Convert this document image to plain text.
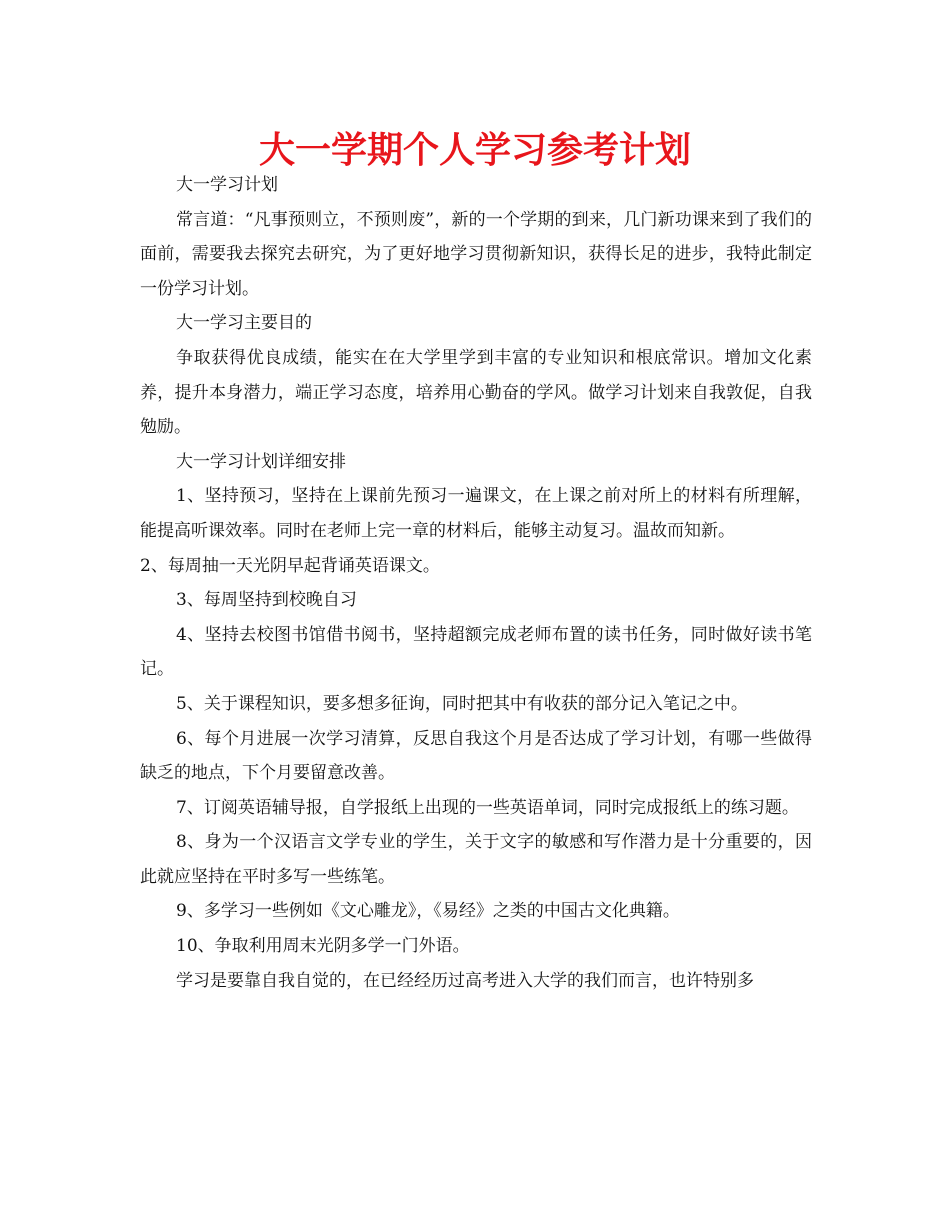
大一学期个人学习参考计划

大一学习计划

常言道：“凡事预则立，不预则废”，新的一个学期的到来，几门新功课来到了我们的面前，需要我去探究去研究，为了更好地学习贯彻新知识，获得长足的进步，我特此制定一份学习计划。

大一学习主要目的

争取获得优良成绩，能实在在大学里学到丰富的专业知识和根底常识。增加文化素养，提升本身潜力，端正学习态度，培养用心勤奋的学风。做学习计划来自我敦促，自我勉励。

大一学习计划详细安排

1、坚持预习，坚持在上课前先预习一遍课文，在上课之前对所上的材料有所理解，能提高听课效率。同时在老师上完一章的材料后，能够主动复习。温故而知新。

2、每周抽一天光阴早起背诵英语课文。

3、每周坚持到校晚自习

4、坚持去校图书馆借书阅书，坚持超额完成老师布置的读书任务，同时做好读书笔记。

5、关于课程知识，要多想多征询，同时把其中有收获的部分记入笔记之中。

6、每个月进展一次学习清算，反思自我这个月是否达成了学习计划，有哪一些做得缺乏的地点，下个月要留意改善。

7、订阅英语辅导报，自学报纸上出现的一些英语单词，同时完成报纸上的练习题。

8、身为一个汉语言文学专业的学生，关于文字的敏感和写作潜力是十分重要的，因此就应坚持在平时多写一些练笔。

9、多学习一些例如《文心雕龙》，《易经》之类的中国古文化典籍。

10、争取利用周末光阴多学一门外语。

学习是要靠自我自觉的，在已经经历过高考进入大学的我们而言，也许特别多
